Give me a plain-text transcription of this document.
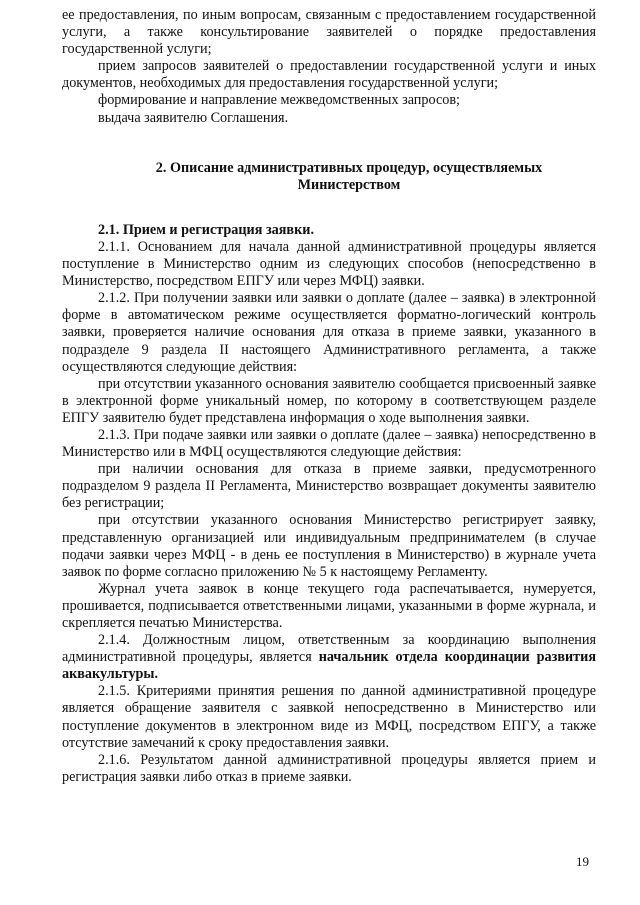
ее предоставления, по иным вопросам, связанным с предоставлением государственной услуги, а также консультирование заявителей о порядке предоставления государственной услуги;

прием запросов заявителей о предоставлении государственной услуги и иных документов, необходимых для предоставления государственной услуги;

формирование и направление межведомственных запросов;

выдача заявителю Соглашения.

2. Описание административных процедур, осуществляемых
Министерством

2.1. Прием и регистрация заявки.

2.1.1. Основанием для начала данной административной процедуры является поступление в Министерство одним из следующих способов (непосредственно в Министерство, посредством ЕПГУ или через МФЦ) заявки.

2.1.2. При получении заявки или заявки о доплате (далее – заявка) в электронной форме в автоматическом режиме осуществляется форматно-логический контроль заявки, проверяется наличие основания для отказа в приеме заявки, указанного в подразделе 9 раздела II настоящего Административного регламента, а также осуществляются следующие действия:

при отсутствии указанного основания заявителю сообщается присвоенный заявке в электронной форме уникальный номер, по которому в соответствующем разделе ЕПГУ заявителю будет представлена информация о ходе выполнения заявки.

2.1.3. При подаче заявки или заявки о доплате (далее – заявка) непосредственно в Министерство или в МФЦ осуществляются следующие действия:

при наличии основания для отказа в приеме заявки, предусмотренного подразделом 9 раздела II Регламента, Министерство возвращает документы заявителю без регистрации;

при отсутствии указанного основания Министерство регистрирует заявку, представленную организацией или индивидуальным предпринимателем (в случае подачи заявки через МФЦ - в день ее поступления в Министерство) в журнале учета заявок по форме согласно приложению № 5 к настоящему Регламенту.

Журнал учета заявок в конце текущего года распечатывается, нумеруется, прошивается, подписывается ответственными лицами, указанными в форме журнала, и скрепляется печатью Министерства.

2.1.4. Должностным лицом, ответственным за координацию выполнения административной процедуры, является начальник отдела координации развития аквакультуры.

2.1.5. Критериями принятия решения по данной административной процедуре является обращение заявителя с заявкой непосредственно в Министерство или поступление документов в электронном виде из МФЦ, посредством ЕПГУ, а также отсутствие замечаний к сроку предоставления заявки.

2.1.6. Результатом данной административной процедуры является прием и регистрация заявки либо отказ в приеме заявки.

19
